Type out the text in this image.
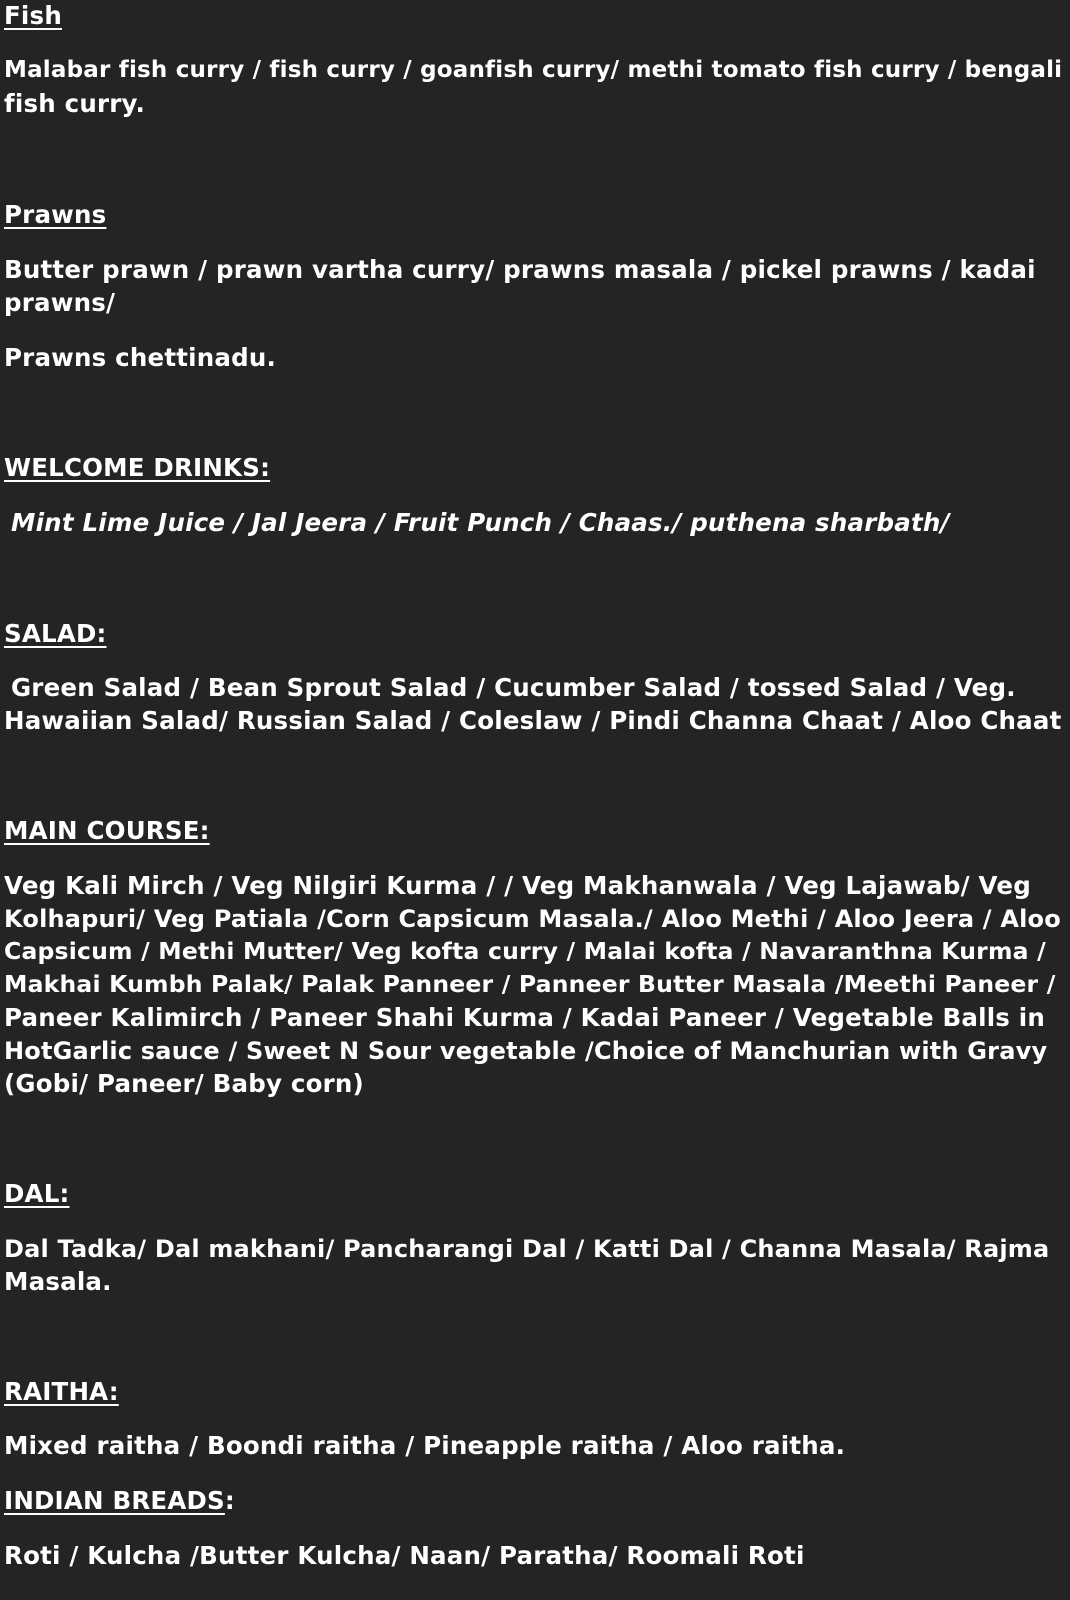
Fish
Malabar fish curry / fish curry / goanfish curry/ methi tomato fish curry / bengali
fish curry.
Prawns
Butter prawn / prawn vartha curry/ prawns masala / pickel prawns / kadai
prawns/
Prawns chettinadu.
WELCOME DRINKS:
Mint Lime Juice / Jal Jeera / Fruit Punch / Chaas./ puthena sharbath/
SALAD:
Green Salad / Bean Sprout Salad / Cucumber Salad / tossed Salad / Veg.
Hawaiian Salad/ Russian Salad / Coleslaw / Pindi Channa Chaat / Aloo Chaat
MAIN COURSE:
Veg Kali Mirch / Veg Nilgiri Kurma / / Veg Makhanwala / Veg Lajawab/ Veg
Kolhapuri/ Veg Patiala /Corn Capsicum Masala./ Aloo Methi / Aloo Jeera / Aloo
Capsicum / Methi Mutter/ Veg kofta curry / Malai kofta / Navaranthna Kurma /
Makhai Kumbh Palak/ Palak Panneer / Panneer Butter Masala /Meethi Paneer /
Paneer Kalimirch / Paneer Shahi Kurma / Kadai Paneer / Vegetable Balls in
HotGarlic sauce / Sweet N Sour vegetable /Choice of Manchurian with Gravy
(Gobi/ Paneer/ Baby corn)
DAL:
Dal Tadka/ Dal makhani/ Pancharangi Dal / Katti Dal / Channa Masala/ Rajma
Masala.
RAITHA:
Mixed raitha / Boondi raitha / Pineapple raitha / Aloo raitha.
INDIAN BREADS:
Roti / Kulcha /Butter Kulcha/ Naan/ Paratha/ Roomali Roti
